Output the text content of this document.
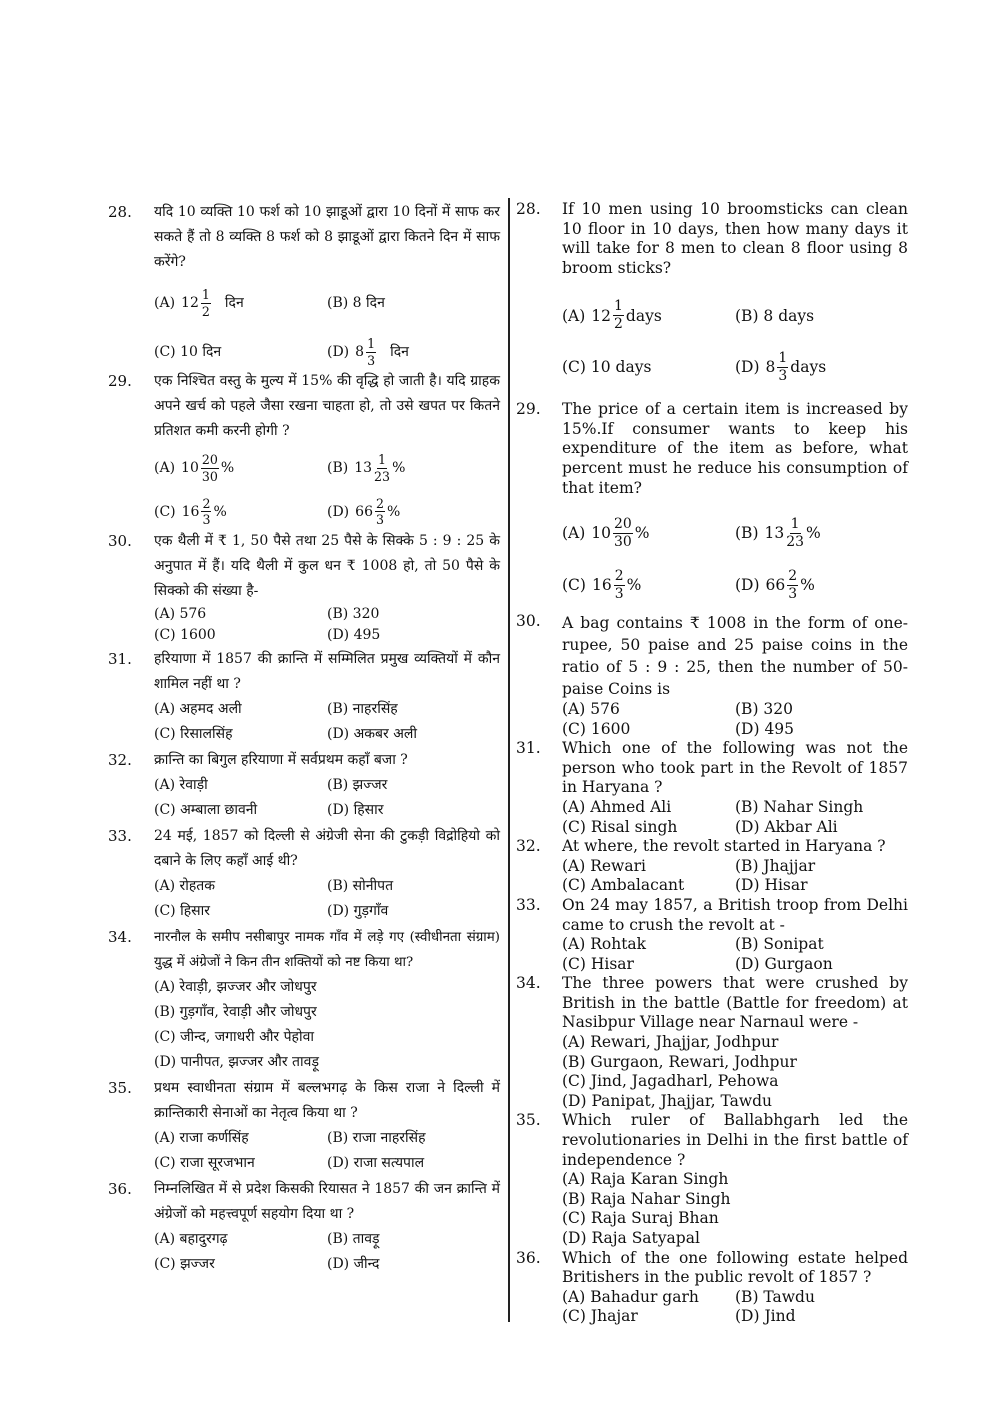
28. यदि 10 व्यक्ति 10 फर्श को 10 झाडूओं द्वारा 10 दिनों में साफ कर सकते हैं तो 8 व्यक्ति 8 फर्श को 8 झाडूओं द्वारा कितने दिन में साफ करेंगे?
(A) $12 \frac{1}{2}$ दिन	(B) 8 दिन
(C) 10 दिन	(D) $8 \frac{1}{3}$ दिन
29. एक निश्चित वस्तु के मुल्य में 15% की वृद्धि हो जाती है। यदि ग्राहक अपने खर्च को पहले जैसा रखना चाहता हो, तो उसे खपत पर कितने प्रतिशत कमी करनी होगी ?
(A) $10 \frac{20}{30}$ %	(B) $13 \frac{1}{23}$ %
(C) $16 \frac{2}{3}$ %	(D) $66 \frac{2}{3}$ %
30. एक थैली में ₹ 1, 50 पैसे तथा 25 पैसे के सिक्के 5 : 9 : 25 के अनुपात में हैं। यदि थैली में कुल धन ₹ 1008 हो, तो 50 पैसे के सिक्को की संख्या है-
(A) 576	(B) 320
(C) 1600	(D) 495
31. हरियाणा में 1857 की क्रान्ति में सम्मिलित प्रमुख व्यक्तियों में कौन शामिल नहीं था ?
(A) अहमद अली	(B) नाहरसिंह
(C) रिसालसिंह	(D) अकबर अली
32. क्रान्ति का बिगुल हरियाणा में सर्वप्रथम कहाँ बजा ?
(A) रेवाड़ी	(B) झज्जर
(C) अम्बाला छावनी	(D) हिसार
33. 24 मई, 1857 को दिल्ली से अंग्रेजी सेना की टुकड़ी विद्रोहियो को दबाने के लिए कहाँ आई थी?
(A) रोहतक	(B) सोनीपत
(C) हिसार	(D) गुड़गाँव
34. नारनौल के समीप नसीबापुर नामक गाँव में लड़े गए (स्वीधीनता संग्राम) युद्ध में अंग्रेजों ने किन तीन शक्तियों को नष्ट किया था?
(A) रेवाड़ी, झज्जर और जोधपुर
(B) गुड़गाँव, रेवाड़ी और जोधपुर
(C) जीन्द, जगाधरी और पेहोवा
(D) पानीपत, झज्जर और तावड़ू
35. प्रथम स्वाधीनता संग्राम में बल्लभगढ़ के किस राजा ने दिल्ली में क्रान्तिकारी सेनाओं का नेतृत्व किया था ?
(A) राजा कर्णसिंह	(B) राजा नाहरसिंह
(C) राजा सूरजभान	(D) राजा सत्यपाल
36. निम्नलिखित में से प्रदेश किसकी रियासत ने 1857 की जन क्रान्ति में अंग्रेजों को महत्त्वपूर्ण सहयोग दिया था ?
(A) बहादुरगढ़	(B) तावड़ू
(C) झज्जर	(D) जीन्द
28. If 10 men using 10 broomsticks can clean 10 floor in 10 days, then how many days it will take for 8 men to clean 8 floor using 8 broom sticks?
(A) $12 \frac{1}{2}$ days	(B) 8 days
(C) 10 days	(D) $8 \frac{1}{3}$ days
29. The price of a certain item is increased by 15%.If consumer wants to keep his expenditure of the item as before, what percent must he reduce his consumption of that item?
(A) $10 \frac{20}{30}$ %	(B) $13 \frac{1}{23}$ %
(C) $16 \frac{2}{3}$ %	(D) $66 \frac{2}{3}$ %
30. A bag contains ₹ 1008 in the form of one-rupee, 50 paise and 25 paise coins in the ratio of 5 : 9 : 25, then the number of 50-paise Coins is
(A) 576	(B) 320
(C) 1600	(D) 495
31. Which one of the following was not the person who took part in the Revolt of 1857 in Haryana ?
(A) Ahmed Ali	(B) Nahar Singh
(C) Risal singh	(D) Akbar Ali
32. At where, the revolt started in Haryana ?
(A) Rewari	(B) Jhajjar
(C) Ambalacant	(D) Hisar
33. On 24 may 1857, a British troop from Delhi came to crush the revolt at -
(A) Rohtak	(B) Sonipat
(C) Hisar	(D) Gurgaon
34. The three powers that were crushed by British in the battle (Battle for freedom) at Nasibpur Village near Narnaul were -
(A) Rewari, Jhajjar, Jodhpur
(B) Gurgaon, Rewari, Jodhpur
(C) Jind, Jagadharl, Pehowa
(D) Panipat, Jhajjar, Tawdu
35. Which ruler of Ballabhgarh led the revolutionaries in Delhi in the first battle of independence ?
(A) Raja Karan Singh
(B) Raja Nahar Singh
(C) Raja Suraj Bhan
(D) Raja Satyapal
36. Which of the one following estate helped Britishers in the public revolt of 1857 ?
(A) Bahadur garh	(B) Tawdu
(C) Jhajar	(D) Jind
